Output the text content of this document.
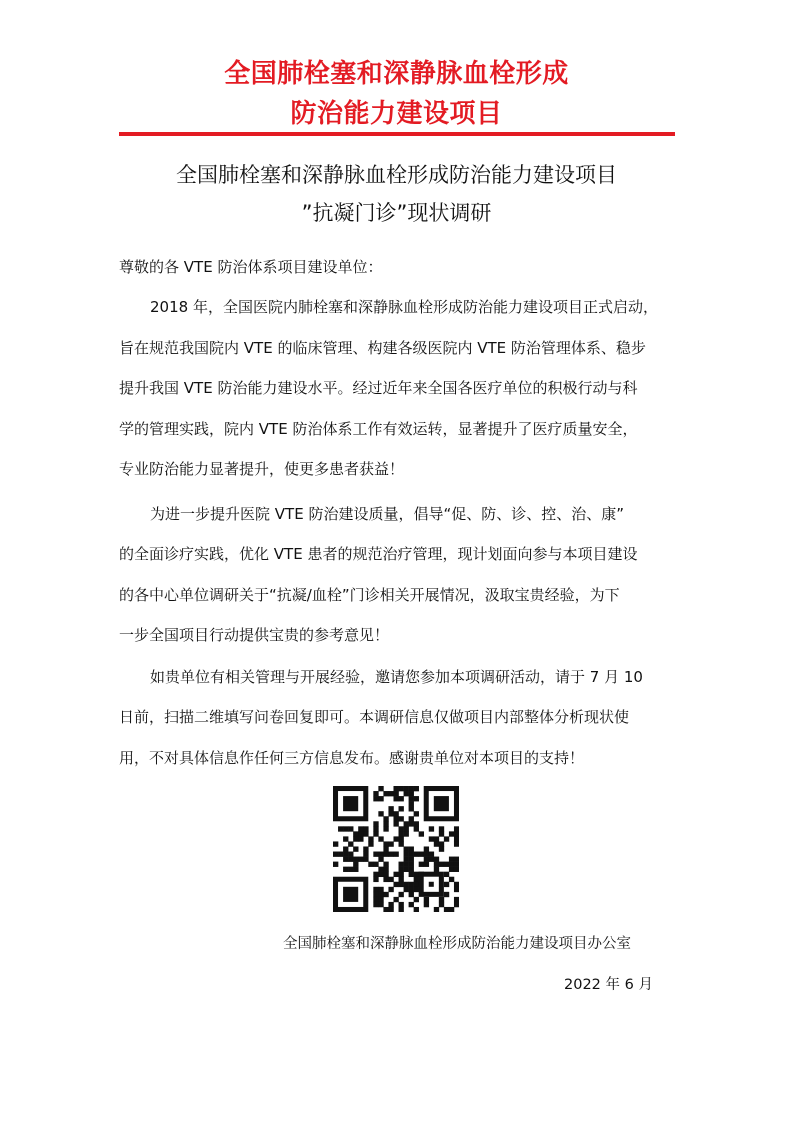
全国肺栓塞和深静脉血栓形成
防治能力建设项目
全国肺栓塞和深静脉血栓形成防治能力建设项目
”抗凝门诊”现状调研
尊敬的各 VTE 防治体系项目建设单位：
2018 年，全国医院内肺栓塞和深静脉血栓形成防治能力建设项目正式启动，
旨在规范我国院内 VTE 的临床管理、构建各级医院内 VTE 防治管理体系、稳步
提升我国 VTE 防治能力建设水平。经过近年来全国各医疗单位的积极行动与科
学的管理实践，院内 VTE 防治体系工作有效运转，显著提升了医疗质量安全，
专业防治能力显著提升，使更多患者获益！
为进一步提升医院 VTE 防治建设质量，倡导“促、防、诊、控、治、康”
的全面诊疗实践，优化 VTE 患者的规范治疗管理，现计划面向参与本项目建设
的各中心单位调研关于“抗凝/血栓”门诊相关开展情况，汲取宝贵经验，为下
一步全国项目行动提供宝贵的参考意见！
如贵单位有相关管理与开展经验，邀请您参加本项调研活动，请于 7 月 10
日前，扫描二维填写问卷回复即可。本调研信息仅做项目内部整体分析现状使
用，不对具体信息作任何三方信息发布。感谢贵单位对本项目的支持！
全国肺栓塞和深静脉血栓形成防治能力建设项目办公室
2022 年 6 月
